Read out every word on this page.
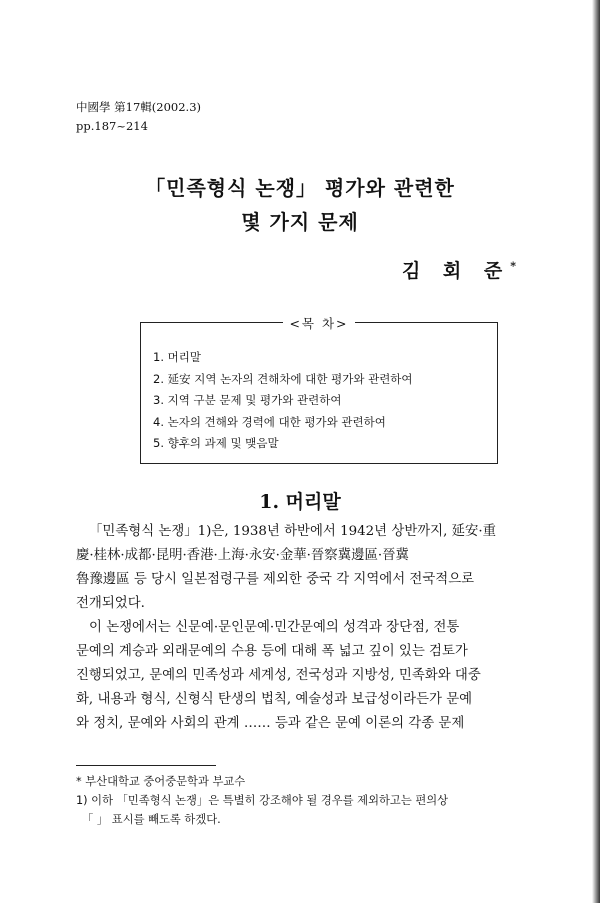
中國學 第17輯(2002.3)
pp.187~214
「민족형식 논쟁」 평가와 관련한
몇 가지 문제
김 회 준*
<목 차>
1. 머리말
2. 延安 지역 논자의 견해차에 대한 평가와 관련하여
3. 지역 구분 문제 및 평가와 관련하여
4. 논자의 견해와 경력에 대한 평가와 관련하여
5. 향후의 과제 및 맺음말
1. 머리말

「민족형식 논쟁」1)은, 1938년 하반에서 1942년 상반까지, 延安·重

慶·桂林·成都·昆明·香港·上海·永安·金華·晉察冀邊區·晉冀

魯豫邊區 등 당시 일본점령구를 제외한 중국 각 지역에서 전국적으로

전개되었다.

이 논쟁에서는 신문예·문인문예·민간문예의 성격과 장단점, 전통

문예의 계승과 외래문예의 수용 등에 대해 폭 넓고 깊이 있는 검토가

진행되었고, 문예의 민족성과 세계성, 전국성과 지방성, 민족화와 대중

화, 내용과 형식, 신형식 탄생의 법칙, 예술성과 보급성이라든가 문예

와 정치, 문예와 사회의 관계 …… 등과 같은 문예 이론의 각종 문제

* 부산대학교 중어중문학과 부교수

1) 이하 「민족형식 논쟁」은 특별히 강조해야 될 경우를 제외하고는 편의상

「 」 표시를 빼도록 하겠다.
